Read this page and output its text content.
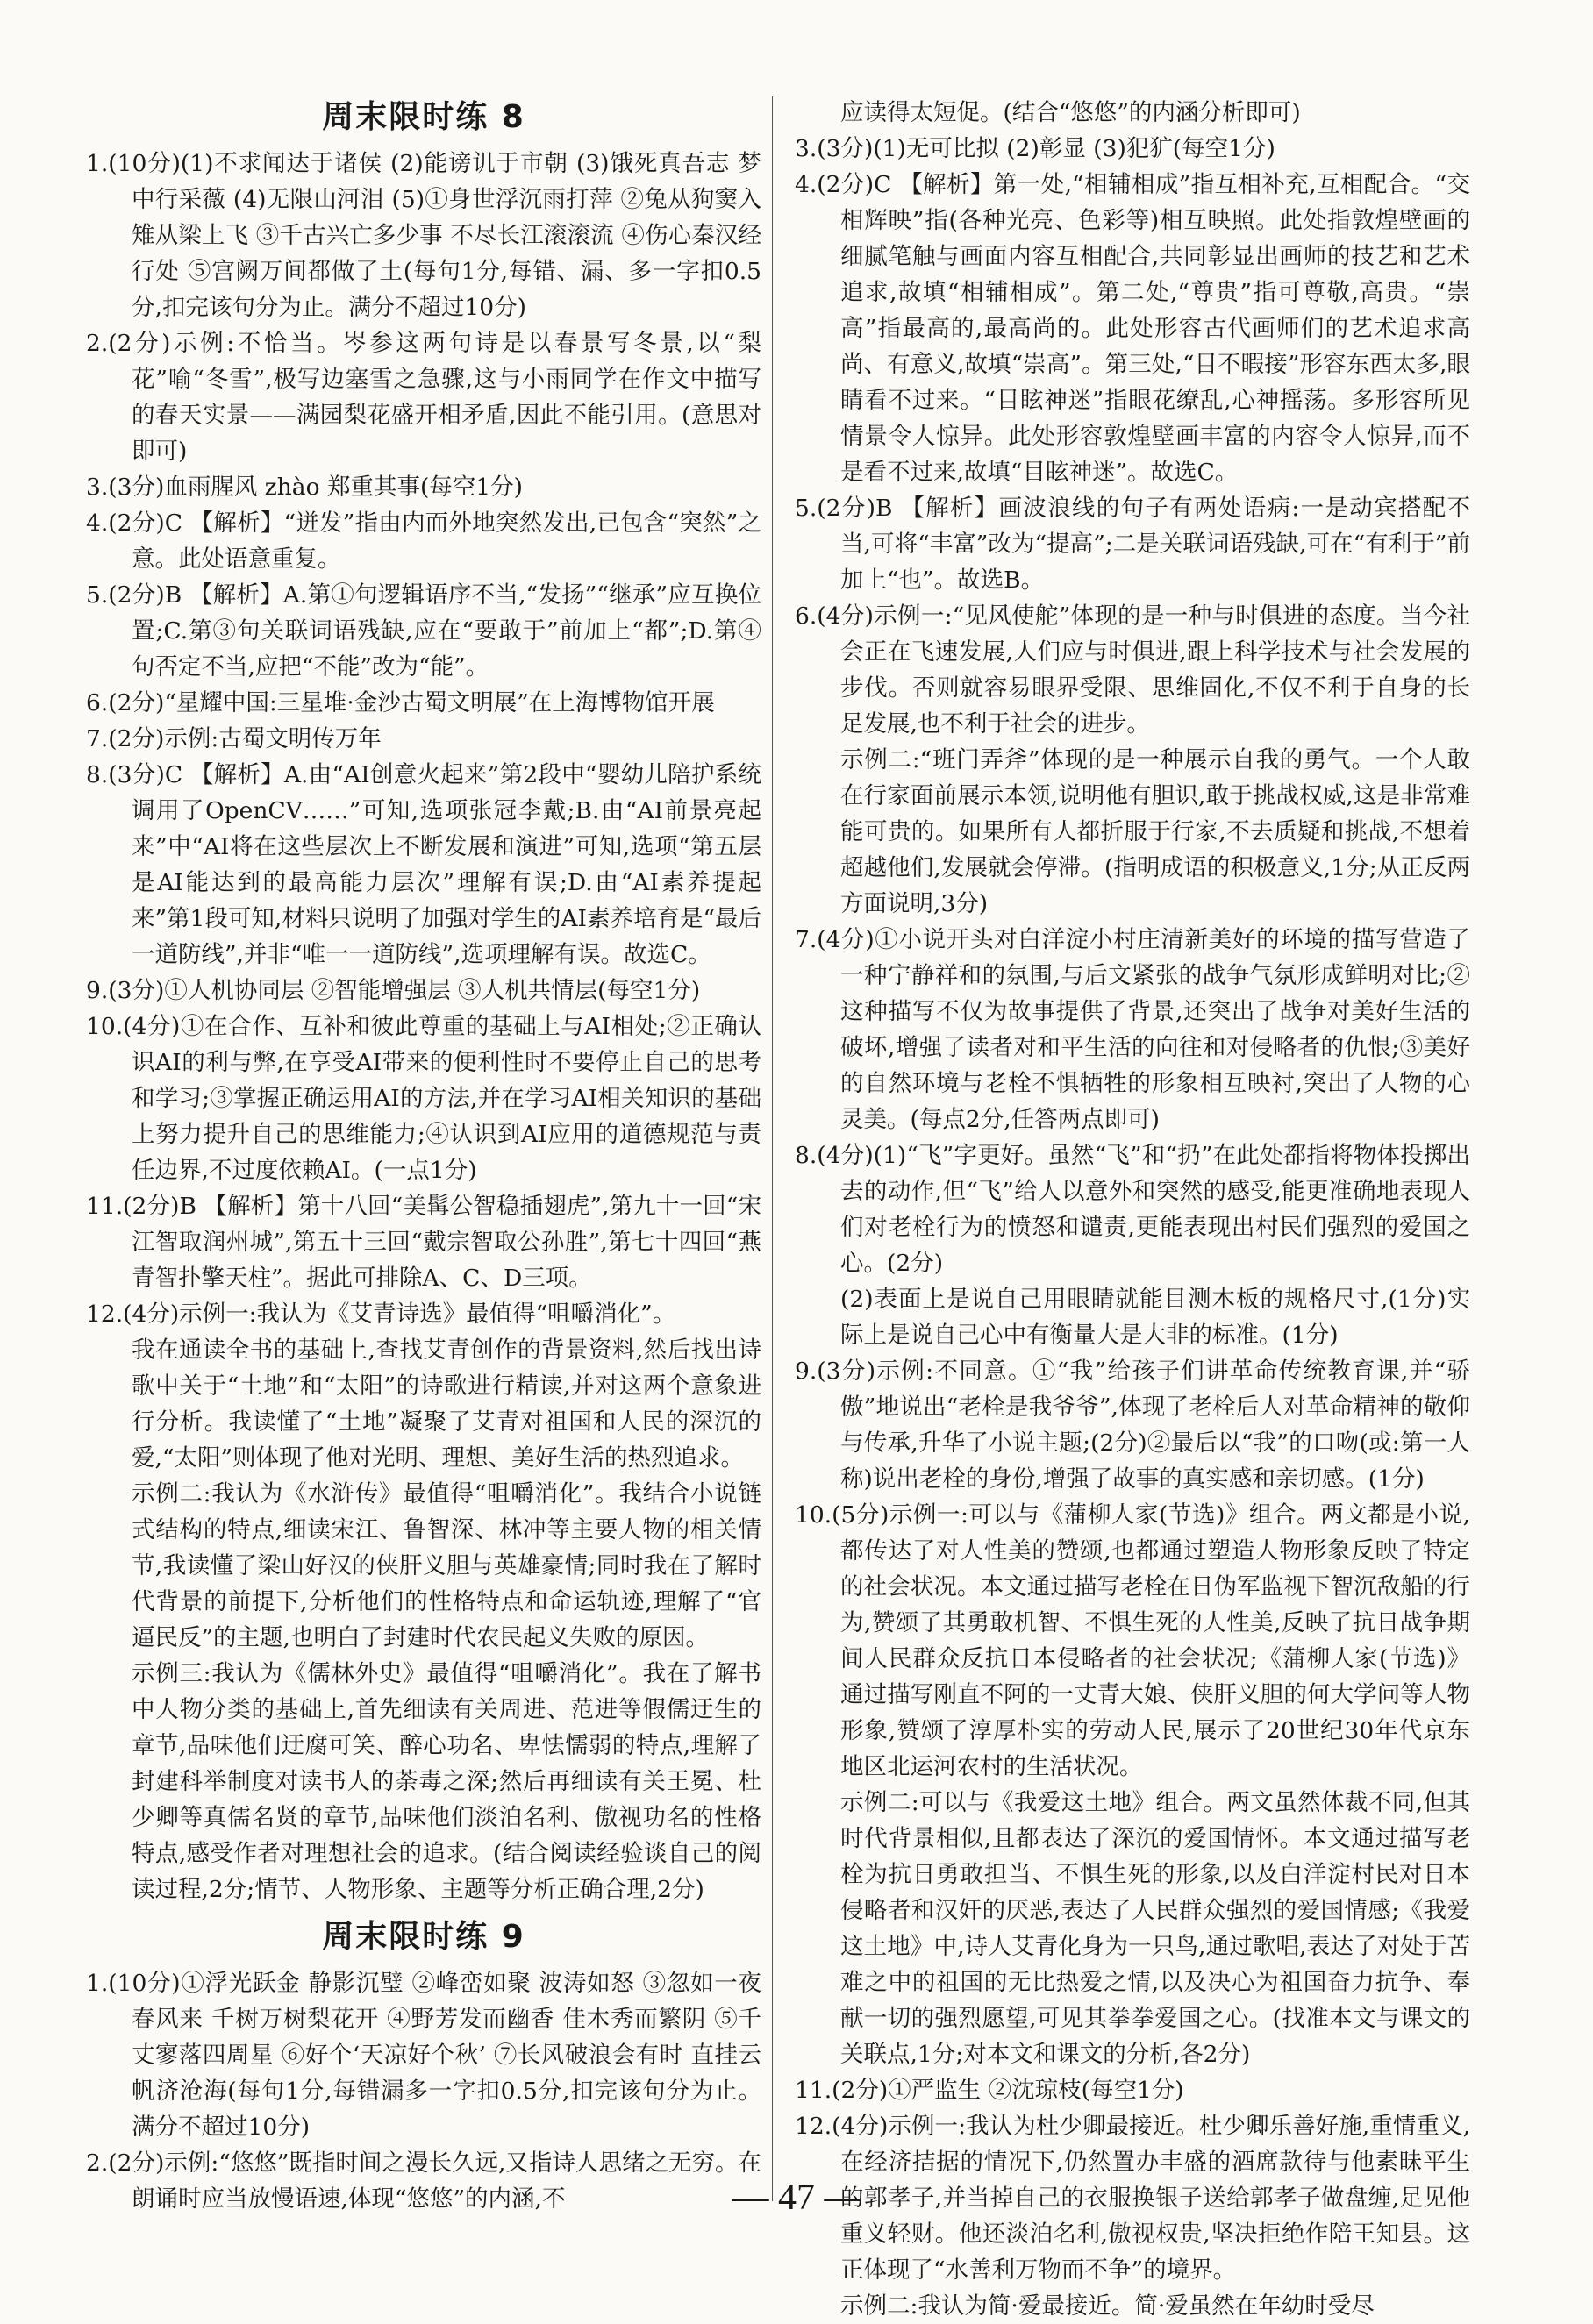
周末限时练 8

1.(10分)(1)不求闻达于诸侯 (2)能谤讥于市朝 (3)饿死真吾志 梦中行采薇 (4)无限山河泪 (5)①身世浮沉雨打萍 ②兔从狗窦入 雉从梁上飞 ③千古兴亡多少事 不尽长江滚滚流 ④伤心秦汉经行处 ⑤宫阙万间都做了土(每句1分,每错、漏、多一字扣0.5分,扣完该句分为止。满分不超过10分)

2.(2分)示例:不恰当。岑参这两句诗是以春景写冬景,以“梨花”喻“冬雪”,极写边塞雪之急骤,这与小雨同学在作文中描写的春天实景——满园梨花盛开相矛盾,因此不能引用。(意思对即可)

3.(3分)血雨腥风 zhào 郑重其事(每空1分)

4.(2分)C 【解析】“迸发”指由内而外地突然发出,已包含“突然”之意。此处语意重复。

5.(2分)B 【解析】A.第①句逻辑语序不当,“发扬”“继承”应互换位置;C.第③句关联词语残缺,应在“要敢于”前加上“都”;D.第④句否定不当,应把“不能”改为“能”。

6.(2分)“星耀中国:三星堆·金沙古蜀文明展”在上海博物馆开展

7.(2分)示例:古蜀文明传万年

8.(3分)C 【解析】A.由“AI创意火起来”第2段中“婴幼儿陪护系统调用了OpenCV……”可知,选项张冠李戴;B.由“AI前景亮起来”中“AI将在这些层次上不断发展和演进”可知,选项“第五层是AI能达到的最高能力层次”理解有误;D.由“AI素养提起来”第1段可知,材料只说明了加强对学生的AI素养培育是“最后一道防线”,并非“唯一一道防线”,选项理解有误。故选C。

9.(3分)①人机协同层 ②智能增强层 ③人机共情层(每空1分)

10.(4分)①在合作、互补和彼此尊重的基础上与AI相处;②正确认识AI的利与弊,在享受AI带来的便利性时不要停止自己的思考和学习;③掌握正确运用AI的方法,并在学习AI相关知识的基础上努力提升自己的思维能力;④认识到AI应用的道德规范与责任边界,不过度依赖AI。(一点1分)

11.(2分)B 【解析】第十八回“美髯公智稳插翅虎”,第九十一回“宋江智取润州城”,第五十三回“戴宗智取公孙胜”,第七十四回“燕青智扑擎天柱”。据此可排除A、C、D三项。

12.(4分)示例一:我认为《艾青诗选》最值得“咀嚼消化”。

我在通读全书的基础上,查找艾青创作的背景资料,然后找出诗歌中关于“土地”和“太阳”的诗歌进行精读,并对这两个意象进行分析。我读懂了“土地”凝聚了艾青对祖国和人民的深沉的爱,“太阳”则体现了他对光明、理想、美好生活的热烈追求。

示例二:我认为《水浒传》最值得“咀嚼消化”。我结合小说链式结构的特点,细读宋江、鲁智深、林冲等主要人物的相关情节,我读懂了梁山好汉的侠肝义胆与英雄豪情;同时我在了解时代背景的前提下,分析他们的性格特点和命运轨迹,理解了“官逼民反”的主题,也明白了封建时代农民起义失败的原因。

示例三:我认为《儒林外史》最值得“咀嚼消化”。我在了解书中人物分类的基础上,首先细读有关周进、范进等假儒迂生的章节,品味他们迂腐可笑、醉心功名、卑怯懦弱的特点,理解了封建科举制度对读书人的荼毒之深;然后再细读有关王冕、杜少卿等真儒名贤的章节,品味他们淡泊名利、傲视功名的性格特点,感受作者对理想社会的追求。(结合阅读经验谈自己的阅读过程,2分;情节、人物形象、主题等分析正确合理,2分)

周末限时练 9

1.(10分)①浮光跃金 静影沉璧 ②峰峦如聚 波涛如怒 ③忽如一夜春风来 千树万树梨花开 ④野芳发而幽香 佳木秀而繁阴 ⑤千丈寥落四周星 ⑥好个‘天凉好个秋’ ⑦长风破浪会有时 直挂云帆济沧海(每句1分,每错漏多一字扣0.5分,扣完该句分为止。满分不超过10分)

2.(2分)示例:“悠悠”既指时间之漫长久远,又指诗人思绪之无穷。在朗诵时应当放慢语速,体现“悠悠”的内涵,不

应读得太短促。(结合“悠悠”的内涵分析即可)

3.(3分)(1)无可比拟 (2)彰显 (3)犯犷(每空1分)

4.(2分)C 【解析】第一处,“相辅相成”指互相补充,互相配合。“交相辉映”指(各种光亮、色彩等)相互映照。此处指敦煌壁画的细腻笔触与画面内容互相配合,共同彰显出画师的技艺和艺术追求,故填“相辅相成”。第二处,“尊贵”指可尊敬,高贵。“崇高”指最高的,最高尚的。此处形容古代画师们的艺术追求高尚、有意义,故填“崇高”。第三处,“目不暇接”形容东西太多,眼睛看不过来。“目眩神迷”指眼花缭乱,心神摇荡。多形容所见情景令人惊异。此处形容敦煌壁画丰富的内容令人惊异,而不是看不过来,故填“目眩神迷”。故选C。

5.(2分)B 【解析】画波浪线的句子有两处语病:一是动宾搭配不当,可将“丰富”改为“提高”;二是关联词语残缺,可在“有利于”前加上“也”。故选B。

6.(4分)示例一:“见风使舵”体现的是一种与时俱进的态度。当今社会正在飞速发展,人们应与时俱进,跟上科学技术与社会发展的步伐。否则就容易眼界受限、思维固化,不仅不利于自身的长足发展,也不利于社会的进步。

示例二:“班门弄斧”体现的是一种展示自我的勇气。一个人敢在行家面前展示本领,说明他有胆识,敢于挑战权威,这是非常难能可贵的。如果所有人都折服于行家,不去质疑和挑战,不想着超越他们,发展就会停滞。(指明成语的积极意义,1分;从正反两方面说明,3分)

7.(4分)①小说开头对白洋淀小村庄清新美好的环境的描写营造了一种宁静祥和的氛围,与后文紧张的战争气氛形成鲜明对比;②这种描写不仅为故事提供了背景,还突出了战争对美好生活的破坏,增强了读者对和平生活的向往和对侵略者的仇恨;③美好的自然环境与老栓不惧牺牲的形象相互映衬,突出了人物的心灵美。(每点2分,任答两点即可)

8.(4分)(1)“飞”字更好。虽然“飞”和“扔”在此处都指将物体投掷出去的动作,但“飞”给人以意外和突然的感受,能更准确地表现人们对老栓行为的愤怒和谴责,更能表现出村民们强烈的爱国之心。(2分)

(2)表面上是说自己用眼睛就能目测木板的规格尺寸,(1分)实际上是说自己心中有衡量大是大非的标准。(1分)

9.(3分)示例:不同意。①“我”给孩子们讲革命传统教育课,并“骄傲”地说出“老栓是我爷爷”,体现了老栓后人对革命精神的敬仰与传承,升华了小说主题;(2分)②最后以“我”的口吻(或:第一人称)说出老栓的身份,增强了故事的真实感和亲切感。(1分)

10.(5分)示例一:可以与《蒲柳人家(节选)》组合。两文都是小说,都传达了对人性美的赞颂,也都通过塑造人物形象反映了特定的社会状况。本文通过描写老栓在日伪军监视下智沉敌船的行为,赞颂了其勇敢机智、不惧生死的人性美,反映了抗日战争期间人民群众反抗日本侵略者的社会状况;《蒲柳人家(节选)》通过描写刚直不阿的一丈青大娘、侠肝义胆的何大学问等人物形象,赞颂了淳厚朴实的劳动人民,展示了20世纪30年代京东地区北运河农村的生活状况。

示例二:可以与《我爱这土地》组合。两文虽然体裁不同,但其时代背景相似,且都表达了深沉的爱国情怀。本文通过描写老栓为抗日勇敢担当、不惧生死的形象,以及白洋淀村民对日本侵略者和汉奸的厌恶,表达了人民群众强烈的爱国情感;《我爱这土地》中,诗人艾青化身为一只鸟,通过歌唱,表达了对处于苦难之中的祖国的无比热爱之情,以及决心为祖国奋力抗争、奉献一切的强烈愿望,可见其拳拳爱国之心。(找准本文与课文的关联点,1分;对本文和课文的分析,各2分)

11.(2分)①严监生 ②沈琼枝(每空1分)

12.(4分)示例一:我认为杜少卿最接近。杜少卿乐善好施,重情重义,在经济拮据的情况下,仍然置办丰盛的酒席款待与他素昧平生的郭孝子,并当掉自己的衣服换银子送给郭孝子做盘缠,足见他重义轻财。他还淡泊名利,傲视权贵,坚决拒绝作陪王知县。这正体现了“水善利万物而不争”的境界。

示例二:我认为简·爱最接近。简·爱虽然在年幼时受尽

— 47 —
